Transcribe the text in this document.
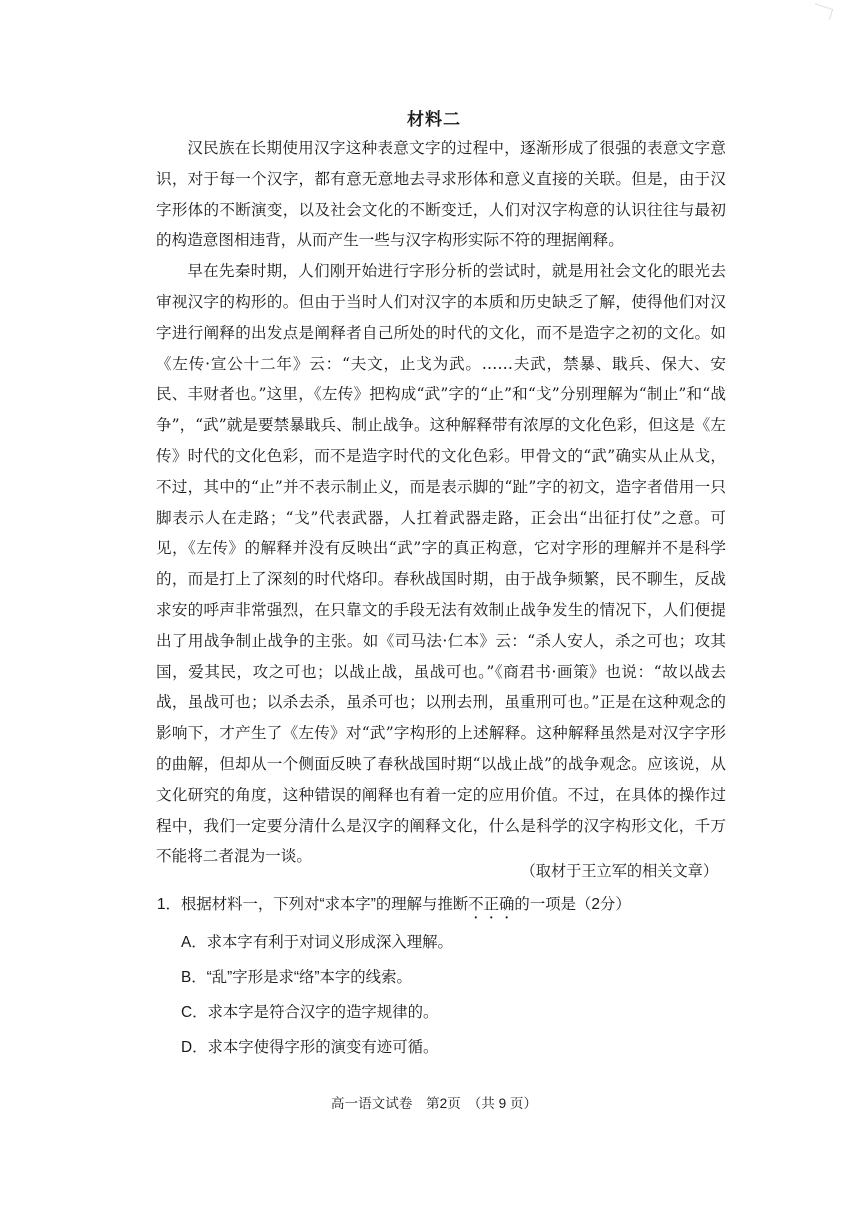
材料二

汉民族在长期使用汉字这种表意文字的过程中，逐渐形成了很强的表意文字意识，对于每一个汉字，都有意无意地去寻求形体和意义直接的关联。但是，由于汉字形体的不断演变，以及社会文化的不断变迁，人们对汉字构意的认识往往与最初的构造意图相违背，从而产生一些与汉字构形实际不符的理据阐释。

早在先秦时期，人们刚开始进行字形分析的尝试时，就是用社会文化的眼光去审视汉字的构形的。但由于当时人们对汉字的本质和历史缺乏了解，使得他们对汉字进行阐释的出发点是阐释者自己所处的时代的文化，而不是造字之初的文化。如《左传·宣公十二年》云：“夫文，止戈为武。……夫武，禁暴、戢兵、保大、安民、丰财者也。”这里，《左传》把构成“武”字的“止”和“戈”分别理解为“制止”和“战争”，“武”就是要禁暴戢兵、制止战争。这种解释带有浓厚的文化色彩，但这是《左传》时代的文化色彩，而不是造字时代的文化色彩。甲骨文的“武”确实从止从戈，不过，其中的“止”并不表示制止义，而是表示脚的“趾”字的初文，造字者借用一只脚表示人在走路；“戈”代表武器，人扛着武器走路，正会出“出征打仗”之意。可见，《左传》的解释并没有反映出“武”字的真正构意，它对字形的理解并不是科学的，而是打上了深刻的时代烙印。春秋战国时期，由于战争频繁，民不聊生，反战求安的呼声非常强烈，在只靠文的手段无法有效制止战争发生的情况下，人们便提出了用战争制止战争的主张。如《司马法·仁本》云：“杀人安人，杀之可也；攻其国，爱其民，攻之可也；以战止战，虽战可也。”《商君书·画策》也说：“故以战去战，虽战可也；以杀去杀，虽杀可也；以刑去刑，虽重刑可也。”正是在这种观念的影响下，才产生了《左传》对“武”字构形的上述解释。这种解释虽然是对汉字字形的曲解，但却从一个侧面反映了春秋战国时期“以战止战”的战争观念。应该说，从文化研究的角度，这种错误的阐释也有着一定的应用价值。不过，在具体的操作过程中，我们一定要分清什么是汉字的阐释文化，什么是科学的汉字构形文化，千万不能将二者混为一谈。

（取材于王立军的相关文章）

1．根据材料一，下列对“求本字”的理解与推断不正确的一项是（2分）

A．求本字有利于对词义形成深入理解。
B．“乱”字形是求“络”本字的线索。
C．求本字是符合汉字的造字规律的。
D．求本字使得字形的演变有迹可循。
高一语文试卷　第2页　（共 9 页）
